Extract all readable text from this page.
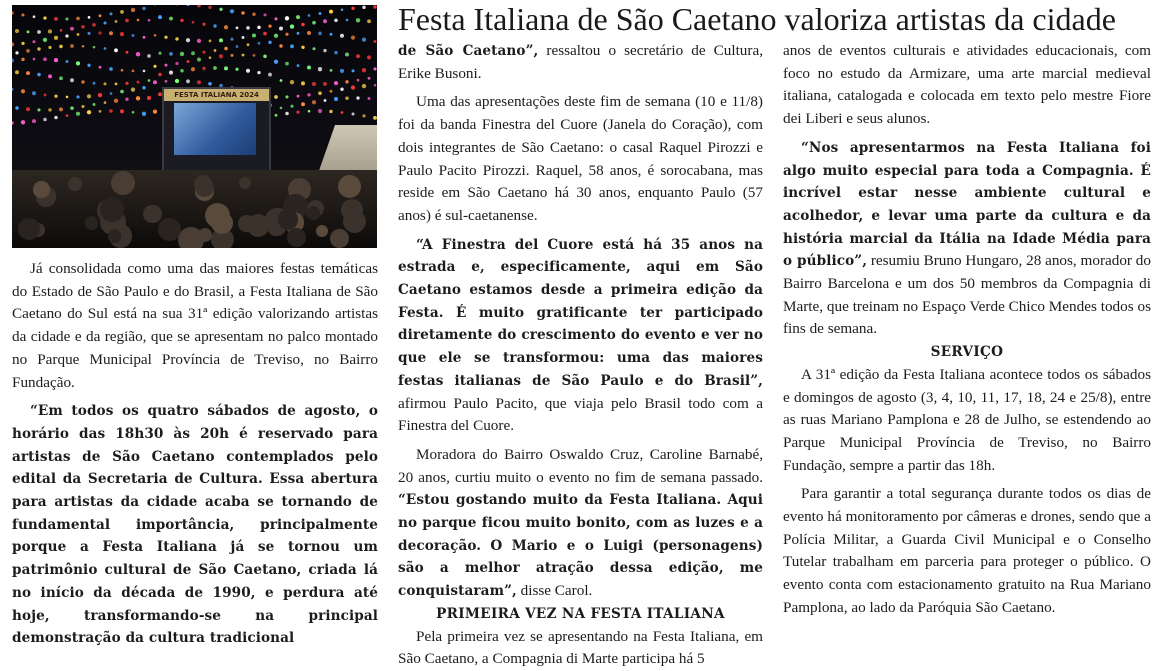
FESTA ITALIANA 2024
Festa Italiana de São Caetano valoriza artistas da cidade

Já consolidada como uma das maiores festas temáticas do Estado de São Paulo e do Brasil, a Festa Italiana de São Caetano do Sul está na sua 31ª edição valorizando artistas da cidade e da região, que se apresentam no palco montado no Parque Municipal Província de Treviso, no Bairro Fundação.

“Em todos os quatro sábados de agosto, o horário das 18h30 às 20h é reservado para artistas de São Caetano contemplados pelo edital da Secretaria de Cultura. Essa abertura para artistas da cidade acaba se tornando de fundamental importância, principalmente porque a Festa Italiana já se tornou um patrimônio cultural de São Caetano, criada lá no início da década de 1990, e perdura até hoje, transformando-se na principal demonstração da cultura tradicional

de São Caetano”, ressaltou o secretário de Cultura, Erike Busoni.

Uma das apresentações deste fim de semana (10 e 11/8) foi da banda Finestra del Cuore (Janela do Coração), com dois integrantes de São Caetano: o casal Raquel Pirozzi e Paulo Pacito Pirozzi. Raquel, 58 anos, é sorocabana, mas reside em São Caetano há 30 anos, enquanto Paulo (57 anos) é sul-caetanense.

“A Finestra del Cuore está há 35 anos na estrada e, especificamente, aqui em São Caetano estamos desde a primeira edição da Festa. É muito gratificante ter participado diretamente do crescimento do evento e ver no que ele se transformou: uma das maiores festas italianas de São Paulo e do Brasil”, afirmou Paulo Pacito, que viaja pelo Brasil todo com a Finestra del Cuore.

Moradora do Bairro Oswaldo Cruz, Caroline Barnabé, 20 anos, curtiu muito o evento no fim de semana passado. “Estou gostando muito da Festa Italiana. Aqui no parque ficou muito bonito, com as luzes e a decoração. O Mario e o Luigi (personagens) são a melhor atração dessa edição, me conquistaram”, disse Carol.

PRIMEIRA VEZ NA FESTA ITALIANA

Pela primeira vez se apresentando na Festa Italiana, em São Caetano, a Compagnia di Marte participa há 5

anos de eventos culturais e atividades educacionais, com foco no estudo da Armizare, uma arte marcial medieval italiana, catalogada e colocada em texto pelo mestre Fiore dei Liberi e seus alunos.

“Nos apresentarmos na Festa Italiana foi algo muito especial para toda a Compagnia. É incrível estar nesse ambiente cultural e acolhedor, e levar uma parte da cultura e da história marcial da Itália na Idade Média para o público”, resumiu Bruno Hungaro, 28 anos, morador do Bairro Barcelona e um dos 50 membros da Compagnia di Marte, que treinam no Espaço Verde Chico Mendes todos os fins de semana.

SERVIÇO

A 31ª edição da Festa Italiana acontece todos os sábados e domingos de agosto (3, 4, 10, 11, 17, 18, 24 e 25/8), entre as ruas Mariano Pamplona e 28 de Julho, se estendendo ao Parque Municipal Província de Treviso, no Bairro Fundação, sempre a partir das 18h.

Para garantir a total segurança durante todos os dias de evento há monitoramento por câmeras e drones, sendo que a Polícia Militar, a Guarda Civil Municipal e o Conselho Tutelar trabalham em parceria para proteger o público. O evento conta com estacionamento gratuito na Rua Mariano Pamplona, ao lado da Paróquia São Caetano.
